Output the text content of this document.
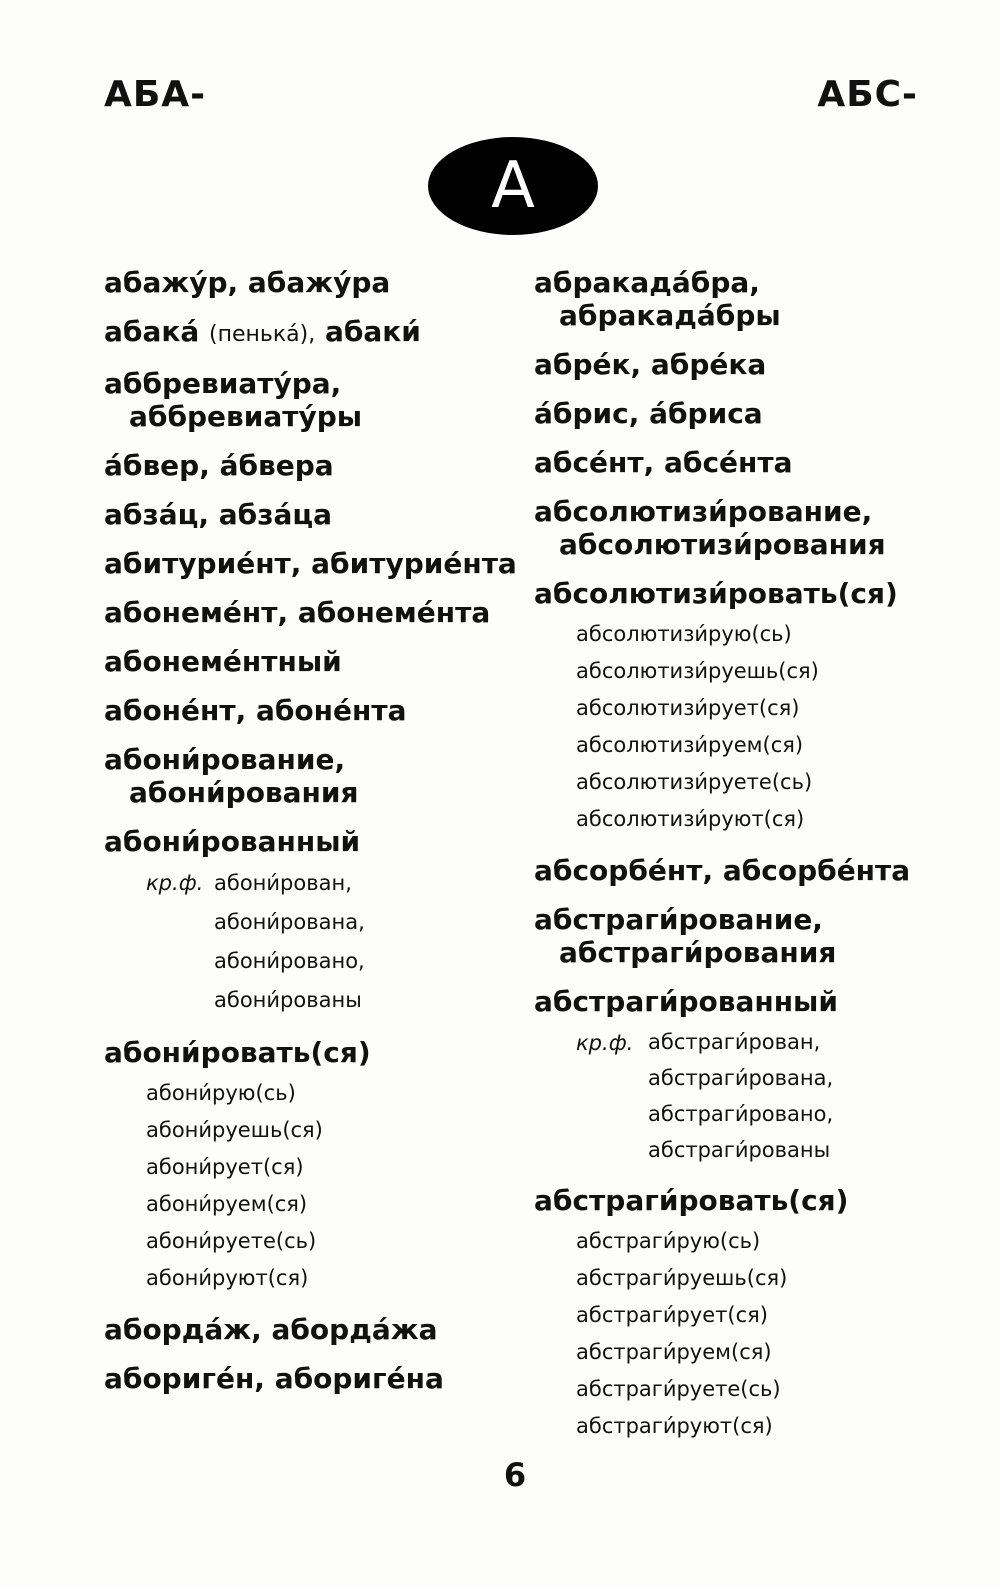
АБА-	АБС-
А
абажу́р, абажу́ра
абака́ (пенька́), абаки́
аббревиату́ра, аббревиату́ры
а́бвер, а́бвера
абза́ц, абза́ца
абитурие́нт, абитурие́нта
абонеме́нт, абонеме́нта
абонеме́нтный
абоне́нт, абоне́нта
абони́рование, абони́рования
абони́рованный
кр.ф. абони́рован,
абони́рована,
абони́ровано,
абони́рованы
абони́ровать(ся)
абони́рую(сь)
абони́руешь(ся)
абони́рует(ся)
абони́руем(ся)
абони́руете(сь)
абони́руют(ся)
аборда́ж, аборда́жа
абориге́н, абориге́на
абракада́бра, абракада́бры
абре́к, абре́ка
а́брис, а́бриса
абсе́нт, абсе́нта
абсолютизи́рование, абсолютизи́рования
абсолютизи́ровать(ся)
абсолютизи́рую(сь)
абсолютизи́руешь(ся)
абсолютизи́рует(ся)
абсолютизи́руем(ся)
абсолютизи́руете(сь)
абсолютизи́руют(ся)
абсорбе́нт, абсорбе́нта
абстраги́рование, абстраги́рования
абстраги́рованный
кр.ф. абстраги́рован,
абстраги́рована,
абстраги́ровано,
абстраги́рованы
абстраги́ровать(ся)
абстраги́рую(сь)
абстраги́руешь(ся)
абстраги́рует(ся)
абстраги́руем(ся)
абстраги́руете(сь)
абстраги́руют(ся)
6
